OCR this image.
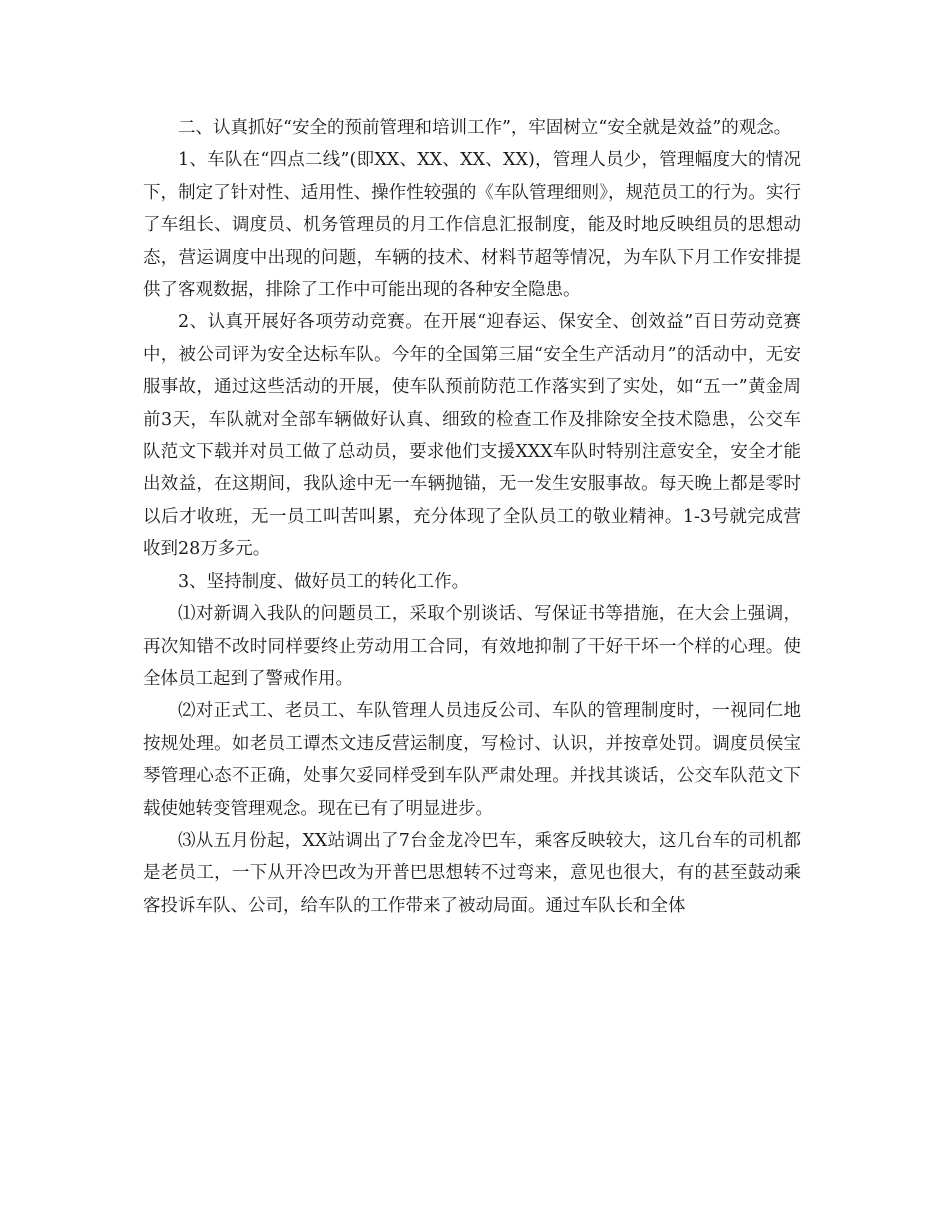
二、认真抓好“安全的预前管理和培训工作”，牢固树立“安全就是效益”的观念。

1、车队在“四点二线”(即XX、XX、XX、XX)，管理人员少，管理幅度大的情况下，制定了针对性、适用性、操作性较强的《车队管理细则》，规范员工的行为。实行了车组长、调度员、机务管理员的月工作信息汇报制度，能及时地反映组员的思想动态，营运调度中出现的问题，车辆的技术、材料节超等情况，为车队下月工作安排提供了客观数据，排除了工作中可能出现的各种安全隐患。

2、认真开展好各项劳动竞赛。在开展“迎春运、保安全、创效益”百日劳动竞赛中，被公司评为安全达标车队。今年的全国第三届“安全生产活动月”的活动中，无安服事故，通过这些活动的开展，使车队预前防范工作落实到了实处，如“五一”黄金周前3天，车队就对全部车辆做好认真、细致的检查工作及排除安全技术隐患，公交车队范文下载并对员工做了总动员，要求他们支援XXX车队时特别注意安全，安全才能出效益，在这期间，我队途中无一车辆抛锚，无一发生安服事故。每天晚上都是零时以后才收班，无一员工叫苦叫累，充分体现了全队员工的敬业精神。1-3号就完成营收到28万多元。

3、坚持制度、做好员工的转化工作。

⑴对新调入我队的问题员工，采取个别谈话、写保证书等措施，在大会上强调，再次知错不改时同样要终止劳动用工合同，有效地抑制了干好干坏一个样的心理。使全体员工起到了警戒作用。

⑵对正式工、老员工、车队管理人员违反公司、车队的管理制度时，一视同仁地按规处理。如老员工谭杰文违反营运制度，写检讨、认识，并按章处罚。调度员侯宝琴管理心态不正确，处事欠妥同样受到车队严肃处理。并找其谈话，公交车队范文下载使她转变管理观念。现在已有了明显进步。

⑶从五月份起，XX站调出了7台金龙冷巴车，乘客反映较大，这几台车的司机都是老员工，一下从开冷巴改为开普巴思想转不过弯来，意见也很大，有的甚至鼓动乘客投诉车队、公司，给车队的工作带来了被动局面。通过车队长和全体
